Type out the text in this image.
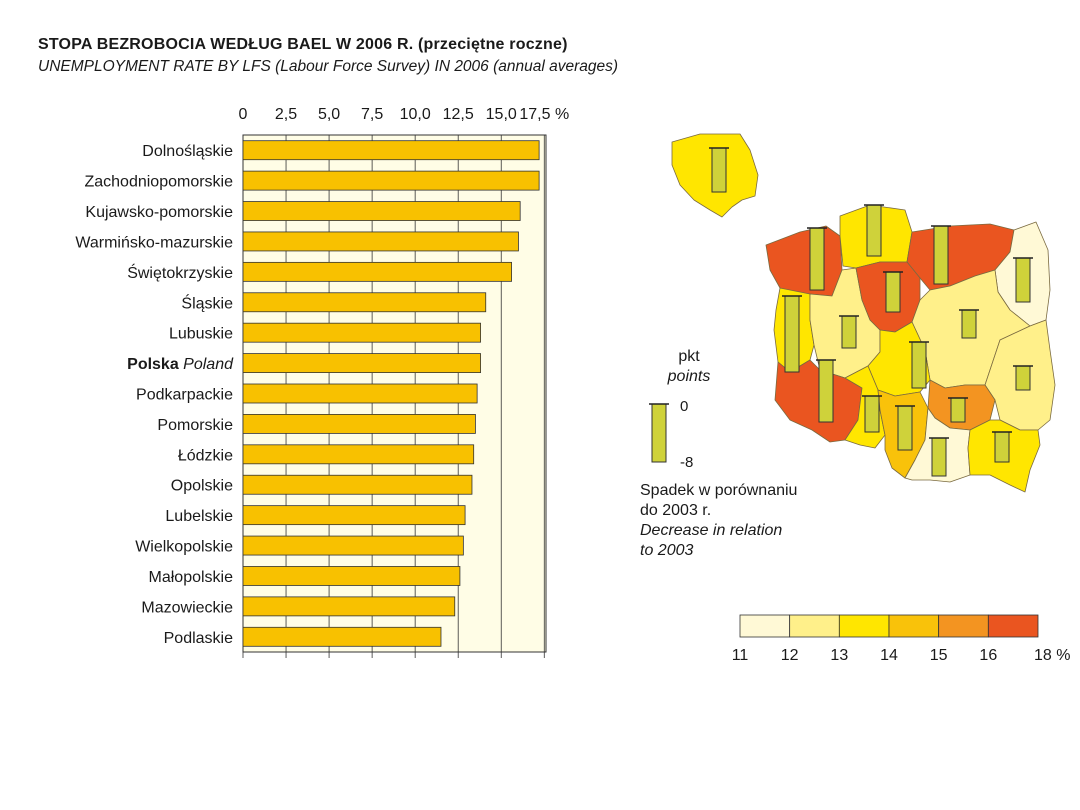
STOPA BEZROBOCIA WEDŁUG BAEL W 2006 R. (przeciętne roczne)
UNEMPLOYMENT RATE BY LFS (Labour Force Survey) IN 2006 (annual averages)
0 2,5 5,0 7,5 10,0 12,5 15,0 17,5 %
Dolnośląskie
Zachodniopomorskie
Kujawsko-pomorskie
Warmińsko-mazurskie
Świętokrzyskie
Śląskie
Lubuskie
Polska Poland
Podkarpackie
Pomorskie
Łódzkie
Opolskie
Lubelskie
Wielkopolskie
Małopolskie
Mazowieckie
Podlaskie
pkt
points
0
-8
Spadek w porównaniu
do 2003 r.
Decrease in relation
to 2003
11 12 13 14 15 16 18 %
